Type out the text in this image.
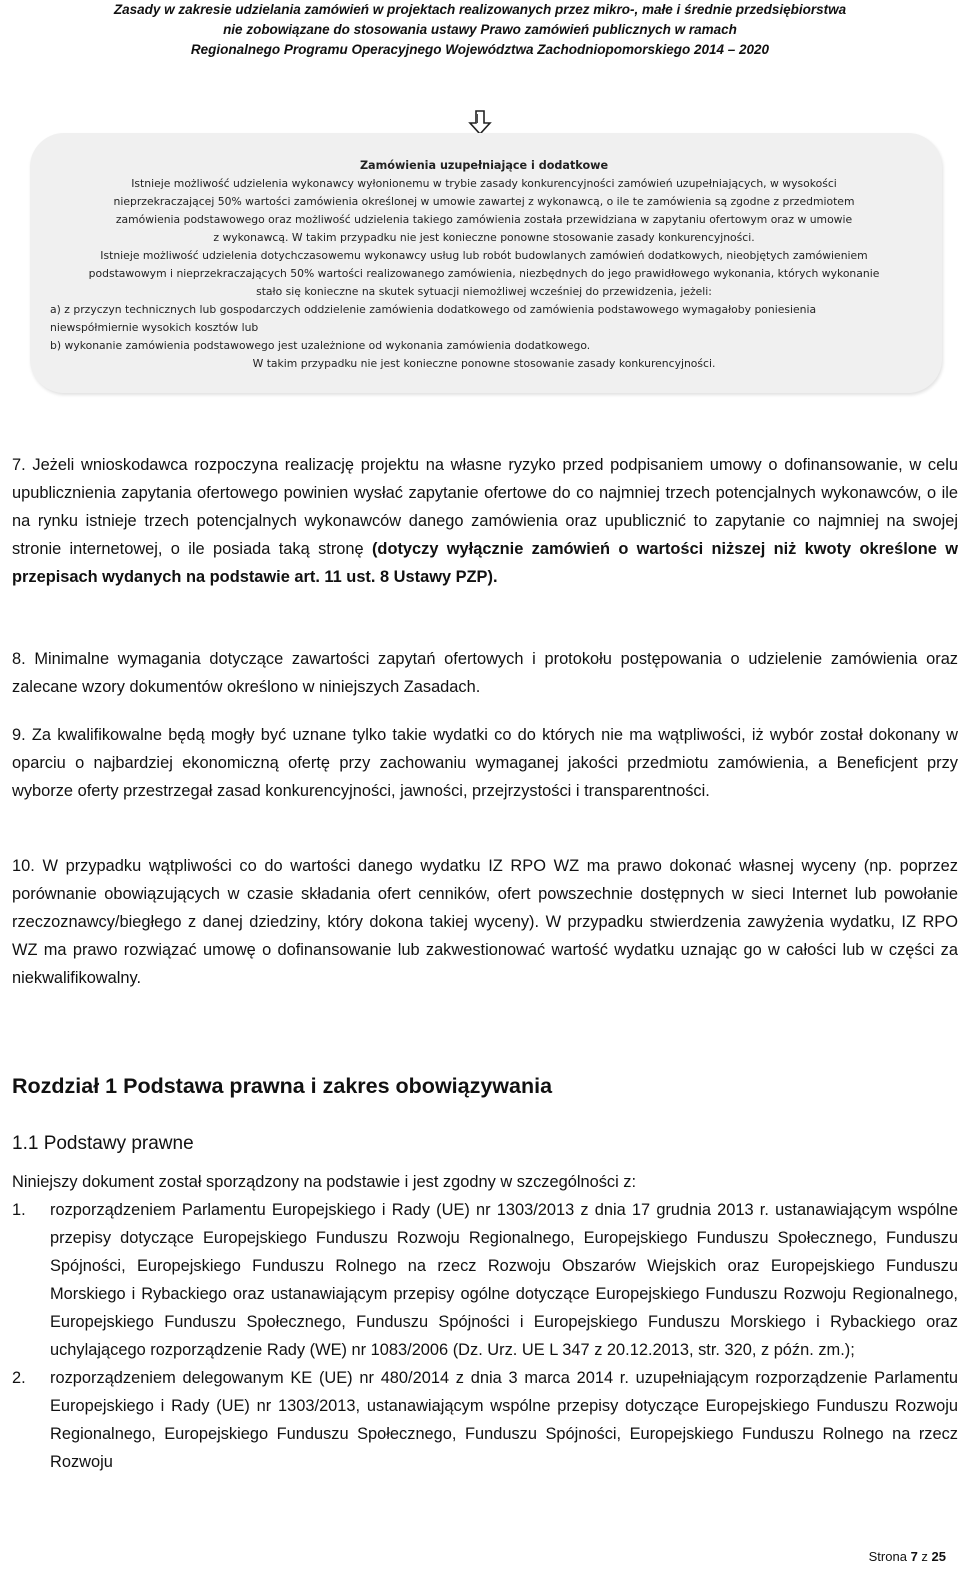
Zasady w zakresie udzielania zamówień w projektach realizowanych przez mikro-, małe i średnie przedsiębiorstwa
nie zobowiązane do stosowania ustawy Prawo zamówień publicznych w ramach
Regionalnego Programu Operacyjnego Województwa Zachodniopomorskiego 2014 – 2020
Zamówienia uzupełniające i dodatkowe
Istnieje możliwość udzielenia wykonawcy wyłonionemu w trybie zasady konkurencyjności zamówień uzupełniających, w wysokości
nieprzekraczającej 50% wartości zamówienia określonej w umowie zawartej z wykonawcą, o ile te zamówienia są zgodne z przedmiotem
zamówienia podstawowego oraz możliwość udzielenia takiego zamówienia została przewidziana w zapytaniu ofertowym oraz w umowie
z wykonawcą. W takim przypadku nie jest konieczne ponowne stosowanie zasady konkurencyjności.
Istnieje możliwość udzielenia dotychczasowemu wykonawcy usług lub robót budowlanych zamówień dodatkowych, nieobjętych zamówieniem
podstawowym i nieprzekraczających 50% wartości realizowanego zamówienia, niezbędnych do jego prawidłowego wykonania, których wykonanie
stało się konieczne na skutek sytuacji niemożliwej wcześniej do przewidzenia, jeżeli:
a) z przyczyn technicznych lub gospodarczych oddzielenie zamówienia dodatkowego od zamówienia podstawowego wymagałoby poniesienia
niewspółmiernie wysokich kosztów lub
b) wykonanie zamówienia podstawowego jest uzależnione od wykonania zamówienia dodatkowego.
W takim przypadku nie jest konieczne ponowne stosowanie zasady konkurencyjności.

7. Jeżeli wnioskodawca rozpoczyna realizację projektu na własne ryzyko przed podpisaniem umowy o dofinansowanie, w celu upublicznienia zapytania ofertowego powinien wysłać zapytanie ofertowe do co najmniej trzech potencjalnych wykonawców, o ile na rynku istnieje trzech potencjalnych wykonawców danego zamówienia oraz upublicznić to zapytanie co najmniej na swojej stronie internetowej, o ile posiada taką stronę (dotyczy wyłącznie zamówień o wartości niższej niż kwoty określone w przepisach wydanych na podstawie art. 11 ust. 8 Ustawy PZP).

8. Minimalne wymagania dotyczące zawartości zapytań ofertowych i protokołu postępowania o udzielenie zamówienia oraz zalecane wzory dokumentów określono w niniejszych Zasadach.

9. Za kwalifikowalne będą mogły być uznane tylko takie wydatki co do których nie ma wątpliwości, iż wybór został dokonany w oparciu o najbardziej ekonomiczną ofertę przy zachowaniu wymaganej jakości przedmiotu zamówienia, a Beneficjent przy wyborze oferty przestrzegał zasad konkurencyjności, jawności, przejrzystości i transparentności.

10. W przypadku wątpliwości co do wartości danego wydatku IZ RPO WZ ma prawo dokonać własnej wyceny (np. poprzez porównanie obowiązujących w czasie składania ofert cenników, ofert powszechnie dostępnych w sieci Internet lub powołanie rzeczoznawcy/biegłego z danej dziedziny, który dokona takiej wyceny). W przypadku stwierdzenia zawyżenia wydatku, IZ RPO WZ ma prawo rozwiązać umowę o dofinansowanie lub zakwestionować wartość wydatku uznając go w całości lub w części za niekwalifikowalny.

Rozdział 1 Podstawa prawna i zakres obowiązywania
1.1 Podstawy prawne
Niniejszy dokument został sporządzony na podstawie i jest zgodny w szczególności z:
1.	rozporządzeniem Parlamentu Europejskiego i Rady (UE) nr 1303/2013 z dnia 17 grudnia 2013 r. ustanawiającym wspólne przepisy dotyczące Europejskiego Funduszu Rozwoju Regionalnego, Europejskiego Funduszu Społecznego, Funduszu Spójności, Europejskiego Funduszu Rolnego na rzecz Rozwoju Obszarów Wiejskich oraz Europejskiego Funduszu Morskiego i Rybackiego oraz ustanawiającym przepisy ogólne dotyczące Europejskiego Funduszu Rozwoju Regionalnego, Europejskiego Funduszu Społecznego, Funduszu Spójności i Europejskiego Funduszu Morskiego i Rybackiego oraz uchylającego rozporządzenie Rady (WE) nr 1083/2006 (Dz. Urz. UE L 347 z 20.12.2013, str. 320, z późn. zm.);
2.	rozporządzeniem delegowanym KE (UE) nr 480/2014 z dnia 3 marca 2014 r. uzupełniającym rozporządzenie Parlamentu Europejskiego i Rady (UE) nr 1303/2013, ustanawiającym wspólne przepisy dotyczące Europejskiego Funduszu Rozwoju Regionalnego, Europejskiego Funduszu Społecznego, Funduszu Spójności, Europejskiego Funduszu Rolnego na rzecz Rozwoju
Strona 7 z 25
